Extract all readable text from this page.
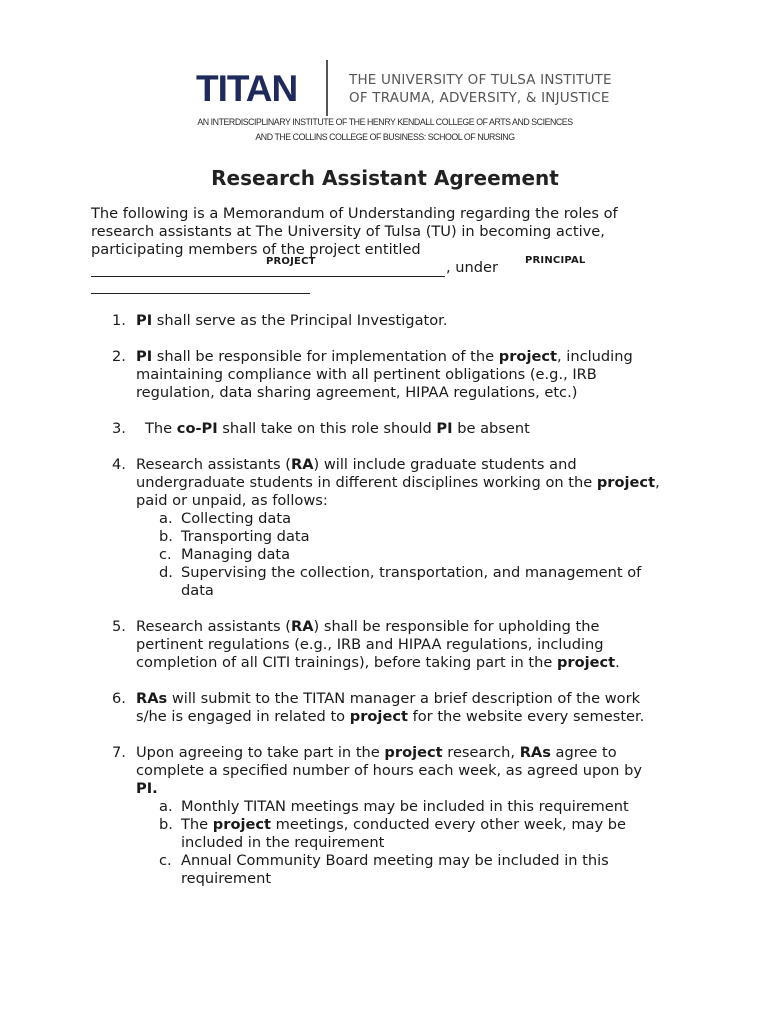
TITAN	THE UNIVERSITY OF TULSA INSTITUTE
OF TRAUMA, ADVERSITY, & INJUSTICE
AN INTERDISCIPLINARY INSTITUTE OF THE HENRY KENDALL COLLEGE OF ARTS AND SCIENCES
AND THE COLLINS COLLEGE OF BUSINESS: SCHOOL OF NURSING
Research Assistant Agreement
The following is a Memorandum of Understanding regarding the roles of
research assistants at The University of Tulsa (TU) in becoming active,
participating members of the project entitled
PROJECT	PRINCIPAL
, under
1. PI shall serve as the Principal Investigator.

2. PI shall be responsible for implementation of the project, including
maintaining compliance with all pertinent obligations (e.g., IRB
regulation, data sharing agreement, HIPAA regulations, etc.)

3. The co-PI shall take on this role should PI be absent

4. Research assistants (RA) will include graduate students and
undergraduate students in different disciplines working on the project,
paid or unpaid, as follows:

a. Collecting data
b. Transporting data
c. Managing data
d. Supervising the collection, transportation, and management of
data
5. Research assistants (RA) shall be responsible for upholding the
pertinent regulations (e.g., IRB and HIPAA regulations, including
completion of all CITI trainings), before taking part in the project.

6. RAs will submit to the TITAN manager a brief description of the work
s/he is engaged in related to project for the website every semester.

7. Upon agreeing to take part in the project research, RAs agree to
complete a specified number of hours each week, as agreed upon by
PI.

a. Monthly TITAN meetings may be included in this requirement
b. The project meetings, conducted every other week, may be
included in the requirement
c. Annual Community Board meeting may be included in this
requirement
